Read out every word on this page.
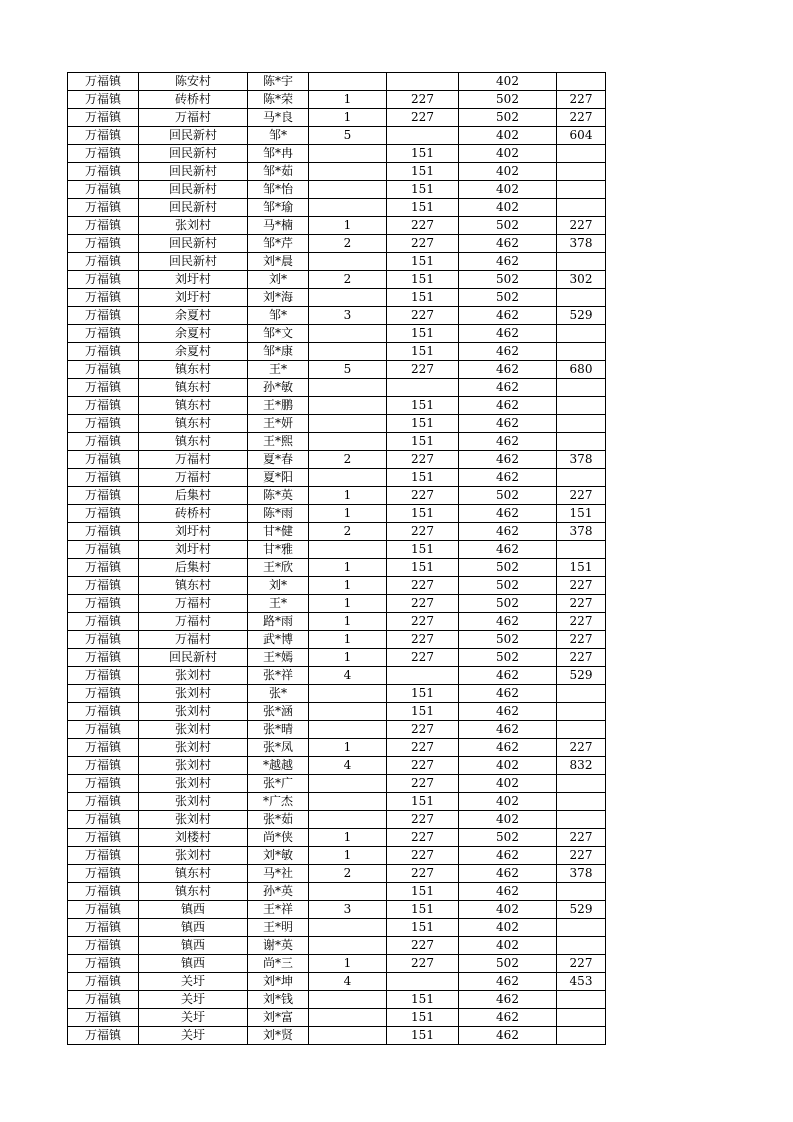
万福镇	陈安村	陈*宇			402	
万福镇	砖桥村	陈*荣	1	227	502	227
万福镇	万福村	马*良	1	227	502	227
万福镇	回民新村	邹*	5		402	604
万福镇	回民新村	邹*冉		151	402	
万福镇	回民新村	邹*茹		151	402	
万福镇	回民新村	邹*怡		151	402	
万福镇	回民新村	邹*瑜		151	402	
万福镇	张刘村	马*楠	1	227	502	227
万福镇	回民新村	邹*芹	2	227	462	378
万福镇	回民新村	刘*晨		151	462	
万福镇	刘圩村	刘*	2	151	502	302
万福镇	刘圩村	刘*海		151	502	
万福镇	余夏村	邹*	3	227	462	529
万福镇	余夏村	邹*文		151	462	
万福镇	余夏村	邹*康		151	462	
万福镇	镇东村	王*	5	227	462	680
万福镇	镇东村	孙*敏			462	
万福镇	镇东村	王*鹏		151	462	
万福镇	镇东村	王*妍		151	462	
万福镇	镇东村	王*熙		151	462	
万福镇	万福村	夏*春	2	227	462	378
万福镇	万福村	夏*阳		151	462	
万福镇	后集村	陈*英	1	227	502	227
万福镇	砖桥村	陈*雨	1	151	462	151
万福镇	刘圩村	甘*健	2	227	462	378
万福镇	刘圩村	甘*雅		151	462	
万福镇	后集村	王*欣	1	151	502	151
万福镇	镇东村	刘*	1	227	502	227
万福镇	万福村	王*	1	227	502	227
万福镇	万福村	路*雨	1	227	462	227
万福镇	万福村	武*博	1	227	502	227
万福镇	回民新村	王*嫣	1	227	502	227
万福镇	张刘村	张*祥	4		462	529
万福镇	张刘村	张*		151	462	
万福镇	张刘村	张*涵		151	462	
万福镇	张刘村	张*晴		227	462	
万福镇	张刘村	张*凤	1	227	462	227
万福镇	张刘村	*越越	4	227	402	832
万福镇	张刘村	张*广		227	402	
万福镇	张刘村	*广杰		151	402	
万福镇	张刘村	张*茹		227	402	
万福镇	刘楼村	尚*侠	1	227	502	227
万福镇	张刘村	刘*敏	1	227	462	227
万福镇	镇东村	马*社	2	227	462	378
万福镇	镇东村	孙*英		151	462	
万福镇	镇西	王*祥	3	151	402	529
万福镇	镇西	王*明		151	402	
万福镇	镇西	谢*英		227	402	
万福镇	镇西	尚*三	1	227	502	227
万福镇	关圩	刘*坤	4		462	453
万福镇	关圩	刘*钱		151	462	
万福镇	关圩	刘*富		151	462	
万福镇	关圩	刘*贤		151	462	
